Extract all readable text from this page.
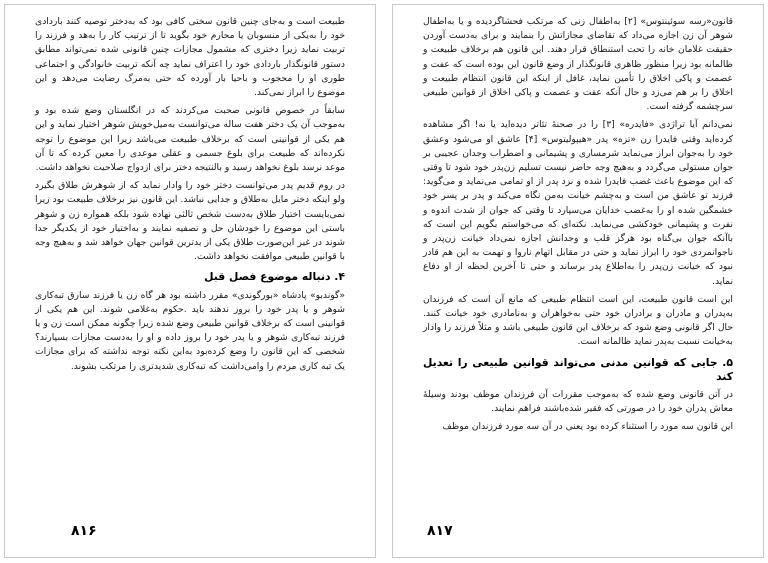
طبیعت است و به‌جای چنین قانون سختی کافی بود که به‌دختر توصیه کنند باردادی خود را به‌یکی از منسوبان یا محارم خود بگوید تا از ترتیب کار را به‌هد و فرزند را تربیت نماید زیرا دختری که مشمول مجازات چنین قانونی شده نمی‌تواند مطابق دستور قانونگذار باردادی خود را اعتراف نماید چه آنکه تربیت خانوادگی و اجتماعی طوری او را محجوب و باحیا بار آورده که حتی به‌مرگ رضایت می‌دهد و این موضوع را ابراز نمی‌کند.

سابقاً در خصوص قانونی صحبت می‌کردند که در انگلستان وضع شده بود و به‌موجب آن یک دختر هفت ساله می‌توانست به‌میل‌خویش شوهر اختیار نماید و این هم یکی از قوانینی است که برخلاف طبیعت می‌باشد زیرا این موضوع را توجه نکرده‌اند که طبیعت برای بلوغ جسمی و عقلی موعدی را معین کرده که تا آن موعد نرسد بلوغ نخواهد رسید و بالنتیجه دختر برای ازدواج صلاحیت نخواهد داشت.

در روم قدیم پدر می‌توانست دختر خود را وادار نماید که از شوهرش طلاق بگیرد ولو اینکه دختر مایل به‌طلاق و جدایی نباشد. این قانون نیز برخلاف طبیعت بود زیرا نمی‌بایست اختیار طلاق به‌دست شخص ثالثی نهاده شود بلکه همواره زن و شوهر باستی این موضوع را خودشان حل و تصفیه نمایند و به‌اختیار خود از یکدیگر جدا شوند در غیر این‌صورت طلاق یکی از بدترین قوانین جهان خواهد شد و به‌هیچ وجه با قوانین طبیعی موافقت نخواهد داشت.

۴. دنباله موضوع فصل قبل

«گوندبو» پادشاه «بورگوندی» مقرر داشته بود هر گاه زن یا فرزند سارق تبه‌کاری شوهر و یا پدر خود را بروز ندهند باید .حکوم به‌غلامی شوند. این هم یکی از قوانینی است که برخلاف قوانین طبیعی وضع شده زیرا چگونه ممکن است زن و یا فرزند تبه‌کاری شوهر و یا پدر خود را بروز داده و او را به‌دست مجازات بسپارند؟ شخصی که این قانون را وضع کرده‌بود به‌این نکته توجه نداشته که برای مجازات یک تبه کاری مردم را وامی‌داشت که تبه‌کاری شدیدتری را مرتکب بشوند.

۸۱۶

قانون«رسه سوئینتوس» [۲] به‌اطفال زنی که مرتکب فحشاگردیده و یا به‌اطفال شوهر آن زن اجازه می‌داد که تقاضای مجازاتش را بنمایند و برای به‌دست آوردن حقیقت غلامان خانه را تحت استنطاق قرار دهند. این قانون هم برخلاف طبیعت و ظالمانه بود زیرا منظور ظاهری قانونگذار از وضع قانون این بوده است که عفت و عصمت و پاکی اخلاق را تأمین نماید، غافل از اینکه این قانون انتظام طبیعت و اخلاق را بر هم می‌زد و حال آنکه عفت و عصمت و پاکی اخلاق از قوانین طبیعی سرچشمه گرفته است.

نمی‌دانم آیا تراژدی «فایدره» [۳] را در صحنهٔ تئاتر دیده‌اید یا نه! اگر مشاهده کرده‌اید وقتی فایدرا زن «تزه» پدر «هیپولیتوس» [۴] عاشق او می‌شود وعشق خود را به‌جوان ابراز می‌نماید شرمساری و پشیمانی و اضطراب وجدان عجیبی بر جوان مستولی می‌گردد و به‌هیچ وجه حاضر نیست تسلیم زن‌پدر خود شود تا وقتی که این موضوع باعث غضب فایدرا شده و نزد پدر از او تمامی می‌نماید و می‌گوید: فرزند تو عاشق من است و به‌چشم خیانت به‌من نگاه می‌کند و پدر بر پسر خود خشمگین شده او را به‌غضب خدایان می‌سپارد تا وقتی که جوان از شدت اندوه و نفرت و پشیمانی خودکشی می‌نماید. نکته‌ای که می‌خواستم بگویم این است که باآنکه جوان بی‌گناه بود هرگز قلب و وجدانش اجازه نمی‌داد خیانت زن‌پدر و ناجوانمردی خود را ابراز نماید و حتی در مقابل اتهام ناروا و تهمت به این هم قادر نبود که خیانت زن‌پدر را به‌اطلاع پدر برساند و حتی تا آخرین لحظه از او دفاع نماید.

این است قانون طبیعت، این است انتظام طبیعی که مانع آن است که فرزندان به‌پدران و مادران و برادران خود حتی به‌خواهران و به‌نامادری خود خیانت کنند. حال اگر قانونی وضع شود که برخلاف این قانون طبیعی باشد و مثلاً فرزند را وادار به‌خیانت نسبت به‌پدر نماید ظالمانه است.

۵. جایی که قوانین مدنی می‌تواند قوانین طبیعی را تعدیل کند

در آتن قانونی وضع شده که به‌موجب مقررات آن فرزندان موظف بودند وسیلهٔ معاش پدران خود را در صورتی که فقیر شده‌باشند فراهم نمایند.

این قانون سه مورد را استثناء کرده بود یعنی در آن سه مورد فرزندان موظف

۸۱۷
